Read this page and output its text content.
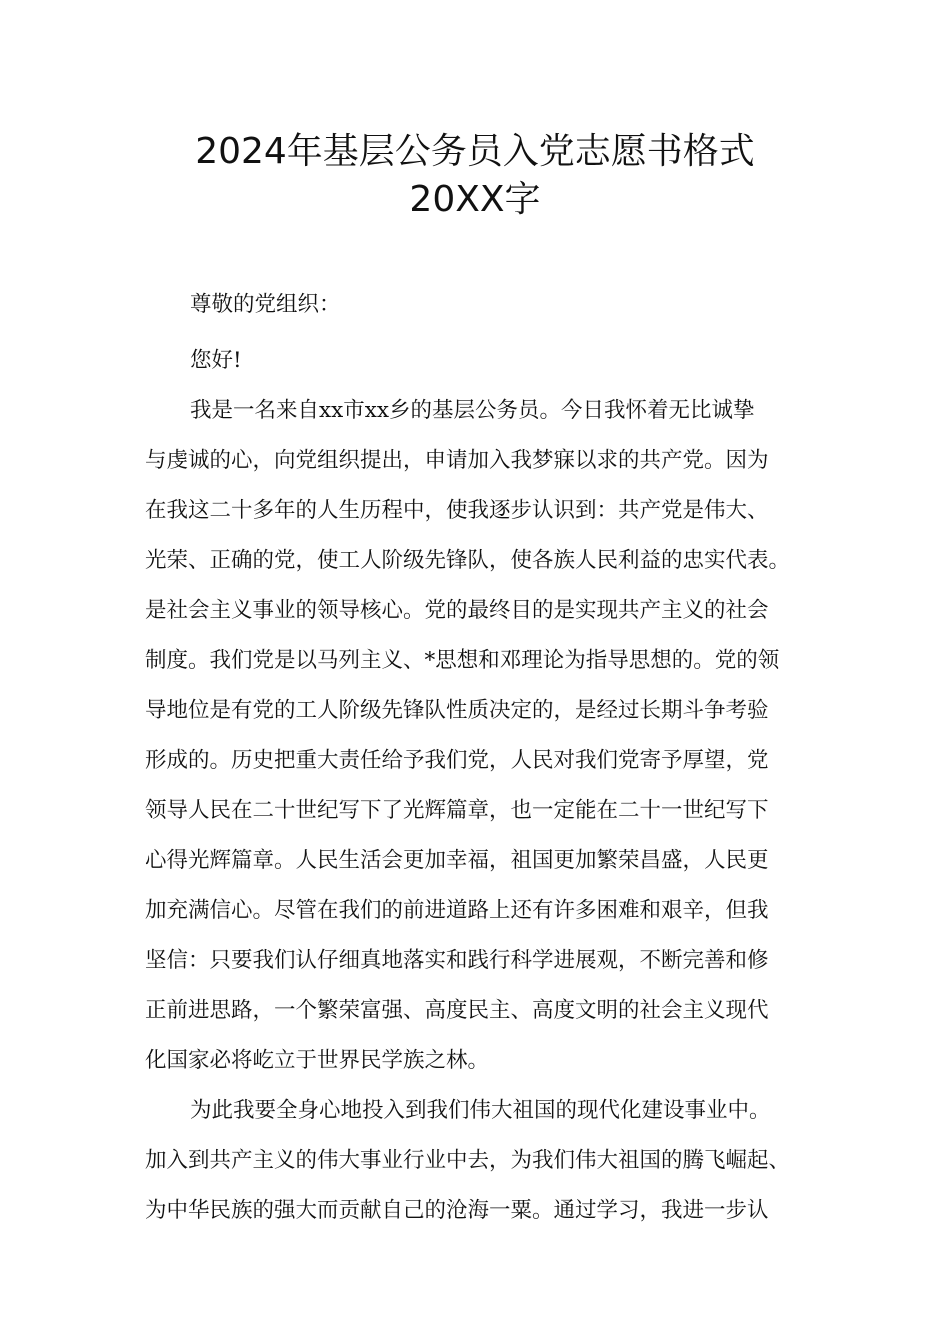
2024年基层公务员入党志愿书格式
20XX字
尊敬的党组织：
您好!
我是一名来自xx市xx乡的基层公务员。今日我怀着无比诚挚
与虔诚的心，向党组织提出，申请加入我梦寐以求的共产党。因为
在我这二十多年的人生历程中，使我逐步认识到：共产党是伟大、
光荣、正确的党，使工人阶级先锋队，使各族人民利益的忠实代表。
是社会主义事业的领导核心。党的最终目的是实现共产主义的社会
制度。我们党是以马列主义、*思想和邓理论为指导思想的。党的领
导地位是有党的工人阶级先锋队性质决定的，是经过长期斗争考验
形成的。历史把重大责任给予我们党，人民对我们党寄予厚望，党
领导人民在二十世纪写下了光辉篇章，也一定能在二十一世纪写下
心得光辉篇章。人民生活会更加幸福，祖国更加繁荣昌盛，人民更
加充满信心。尽管在我们的前进道路上还有许多困难和艰辛，但我
坚信：只要我们认仔细真地落实和践行科学进展观，不断完善和修
正前进思路，一个繁荣富强、高度民主、高度文明的社会主义现代
化国家必将屹立于世界民学族之林。
为此我要全身心地投入到我们伟大祖国的现代化建设事业中。
加入到共产主义的伟大事业行业中去，为我们伟大祖国的腾飞崛起、
为中华民族的强大而贡献自己的沧海一粟。通过学习，我进一步认
